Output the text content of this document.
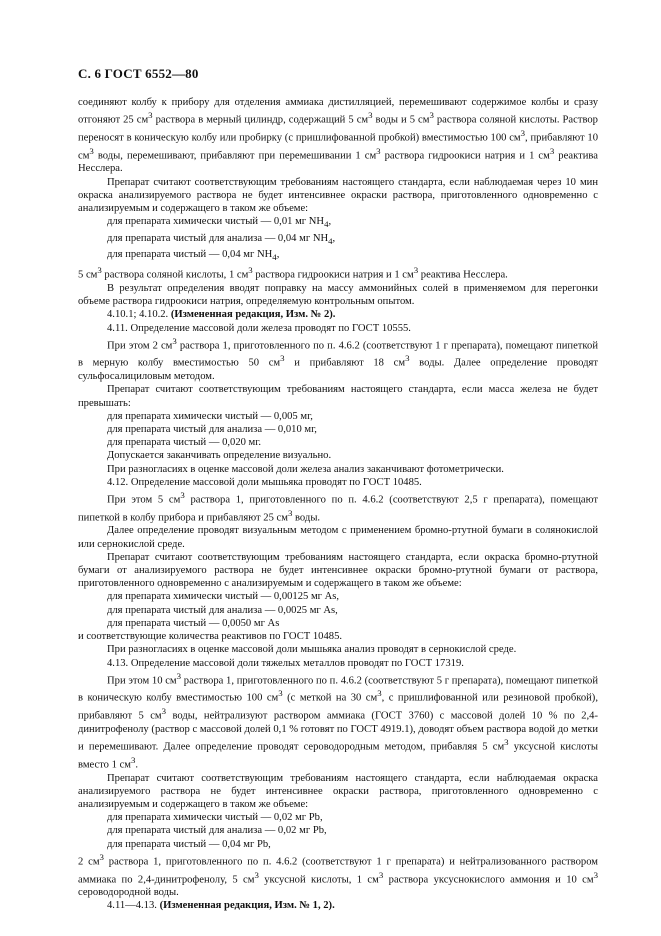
С. 6 ГОСТ 6552—80

соединяют колбу к прибору для отделения аммиака дистилляцией, перемешивают содержимое колбы и сразу отгоняют 25 $см^3$ раствора в мерный цилиндр, содержащий 5 $см^3$ воды и 5 $см^3$ раствора соляной кислоты. Раствор переносят в коническую колбу или пробирку (с пришлифованной пробкой) вместимостью 100 $см^3$, прибавляют 10 $см^3$ воды, перемешивают, прибавляют при перемешивании 1 $см^3$ раствора гидроокиси натрия и 1 $см^3$ реактива Несслера.

Препарат считают соответствующим требованиям настоящего стандарта, если наблюдаемая через 10 мин окраска анализируемого раствора не будет интенсивнее окраски раствора, приготовленного одновременно с анализируемым и содержащего в таком же объеме:

для препарата химически чистый — 0,01 мг $NH_4$,

для препарата чистый для анализа — 0,04 мг $NH_4$,

для препарата чистый — 0,04 мг $NH_4$,

5 $см^3$ раствора соляной кислоты, 1 $см^3$ раствора гидроокиси натрия и 1 $см^3$ реактива Несслера.

В результат определения вводят поправку на массу аммонийных солей в применяемом для перегонки объеме раствора гидроокиси натрия, определяемую контрольным опытом.

4.10.1; 4.10.2. (Измененная редакция, Изм. № 2).

4.11. Определение массовой доли железа проводят по ГОСТ 10555.

При этом 2 $см^3$ раствора 1, приготовленного по п. 4.6.2 (соответствуют 1 г препарата), помещают пипеткой в мерную колбу вместимостью 50 $см^3$ и прибавляют 18 $см^3$ воды. Далее определение проводят сульфосалициловым методом.

Препарат считают соответствующим требованиям настоящего стандарта, если масса железа не будет превышать:

для препарата химически чистый — 0,005 мг,

для препарата чистый для анализа — 0,010 мг,

для препарата чистый — 0,020 мг.

Допускается заканчивать определение визуально.

При разногласиях в оценке массовой доли железа анализ заканчивают фотометрически.

4.12. Определение массовой доли мышьяка проводят по ГОСТ 10485.

При этом 5 $см^3$ раствора 1, приготовленного по п. 4.6.2 (соответствуют 2,5 г препарата), помещают пипеткой в колбу прибора и прибавляют 25 $см^3$ воды.

Далее определение проводят визуальным методом с применением бромно-ртутной бумаги в солянокислой или сернокислой среде.

Препарат считают соответствующим требованиям настоящего стандарта, если окраска бромно-ртутной бумаги от анализируемого раствора не будет интенсивнее окраски бромно-ртутной бумаги от раствора, приготовленного одновременно с анализируемым и содержащего в таком же объеме:

для препарата химически чистый — 0,00125 мг As,

для препарата чистый для анализа — 0,0025 мг As,

для препарата чистый — 0,0050 мг As

и соответствующие количества реактивов по ГОСТ 10485.

При разногласиях в оценке массовой доли мышьяка анализ проводят в сернокислой среде.

4.13. Определение массовой доли тяжелых металлов проводят по ГОСТ 17319.

При этом 10 $см^3$ раствора 1, приготовленного по п. 4.6.2 (соответствуют 5 г препарата), помещают пипеткой в коническую колбу вместимостью 100 $см^3$ (с меткой на 30 $см^3$, с пришлифованной или резиновой пробкой), прибавляют 5 $см^3$ воды, нейтрализуют раствором аммиака (ГОСТ 3760) с массовой долей 10 % по 2,4-динитрофенолу (раствор с массовой долей 0,1 % готовят по ГОСТ 4919.1), доводят объем раствора водой до метки и перемешивают. Далее определение проводят сероводородным методом, прибавляя 5 $см^3$ уксусной кислоты вместо 1 $см^3$.

Препарат считают соответствующим требованиям настоящего стандарта, если наблюдаемая окраска анализируемого раствора не будет интенсивнее окраски раствора, приготовленного одновременно с анализируемым и содержащего в таком же объеме:

для препарата химически чистый — 0,02 мг Pb,

для препарата чистый для анализа — 0,02 мг Pb,

для препарата чистый — 0,04 мг Pb,

2 $см^3$ раствора 1, приготовленного по п. 4.6.2 (соответствуют 1 г препарата) и нейтрализованного раствором аммиака по 2,4-динитрофенолу, 5 $см^3$ уксусной кислоты, 1 $см^3$ раствора уксуснокислого аммония и 10 $см^3$ сероводородной воды.

4.11—4.13. (Измененная редакция, Изм. № 1, 2).
